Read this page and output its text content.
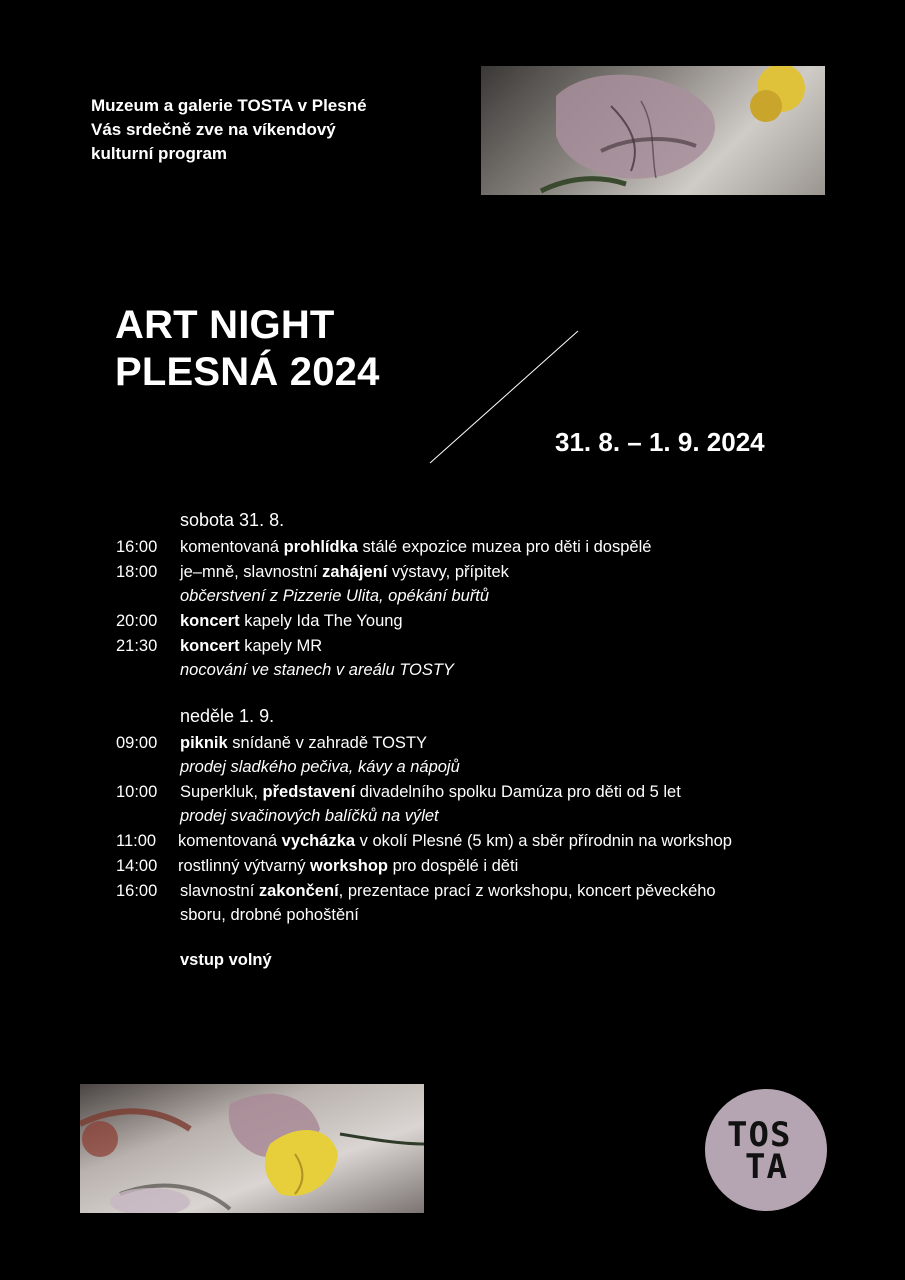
Muzeum a galerie TOSTA v Plesné
Vás srdečně zve na víkendový
kulturní program
ART NIGHT
PLESNÁ 2024
31. 8. – 1. 9. 2024
sobota 31. 8.
16:00 komentovaná prohlídka stálé expozice muzea pro děti i dospělé
18:00 je–mně, slavnostní zahájení výstavy, přípitek
občerstvení z Pizzerie Ulita, opékání buřtů
20:00 koncert kapely Ida The Young
21:30 koncert kapely MR
nocování ve stanech v areálu TOSTY
neděle 1. 9.
09:00 piknik snídaně v zahradě TOSTY
prodej sladkého pečiva, kávy a nápojů
10:00 Superkluk, představení divadelního spolku Damúza pro děti od 5 let
prodej svačinových balíčků na výlet
11:00 komentovaná vycházka v okolí Plesné (5 km) a sběr přírodnin na workshop
14:00 rostlinný výtvarný workshop pro dospělé i děti
16:00 slavnostní zakončení, prezentace prací z workshopu, koncert pěveckého
sboru, drobné pohoštění
vstup volný
TOS
TA
